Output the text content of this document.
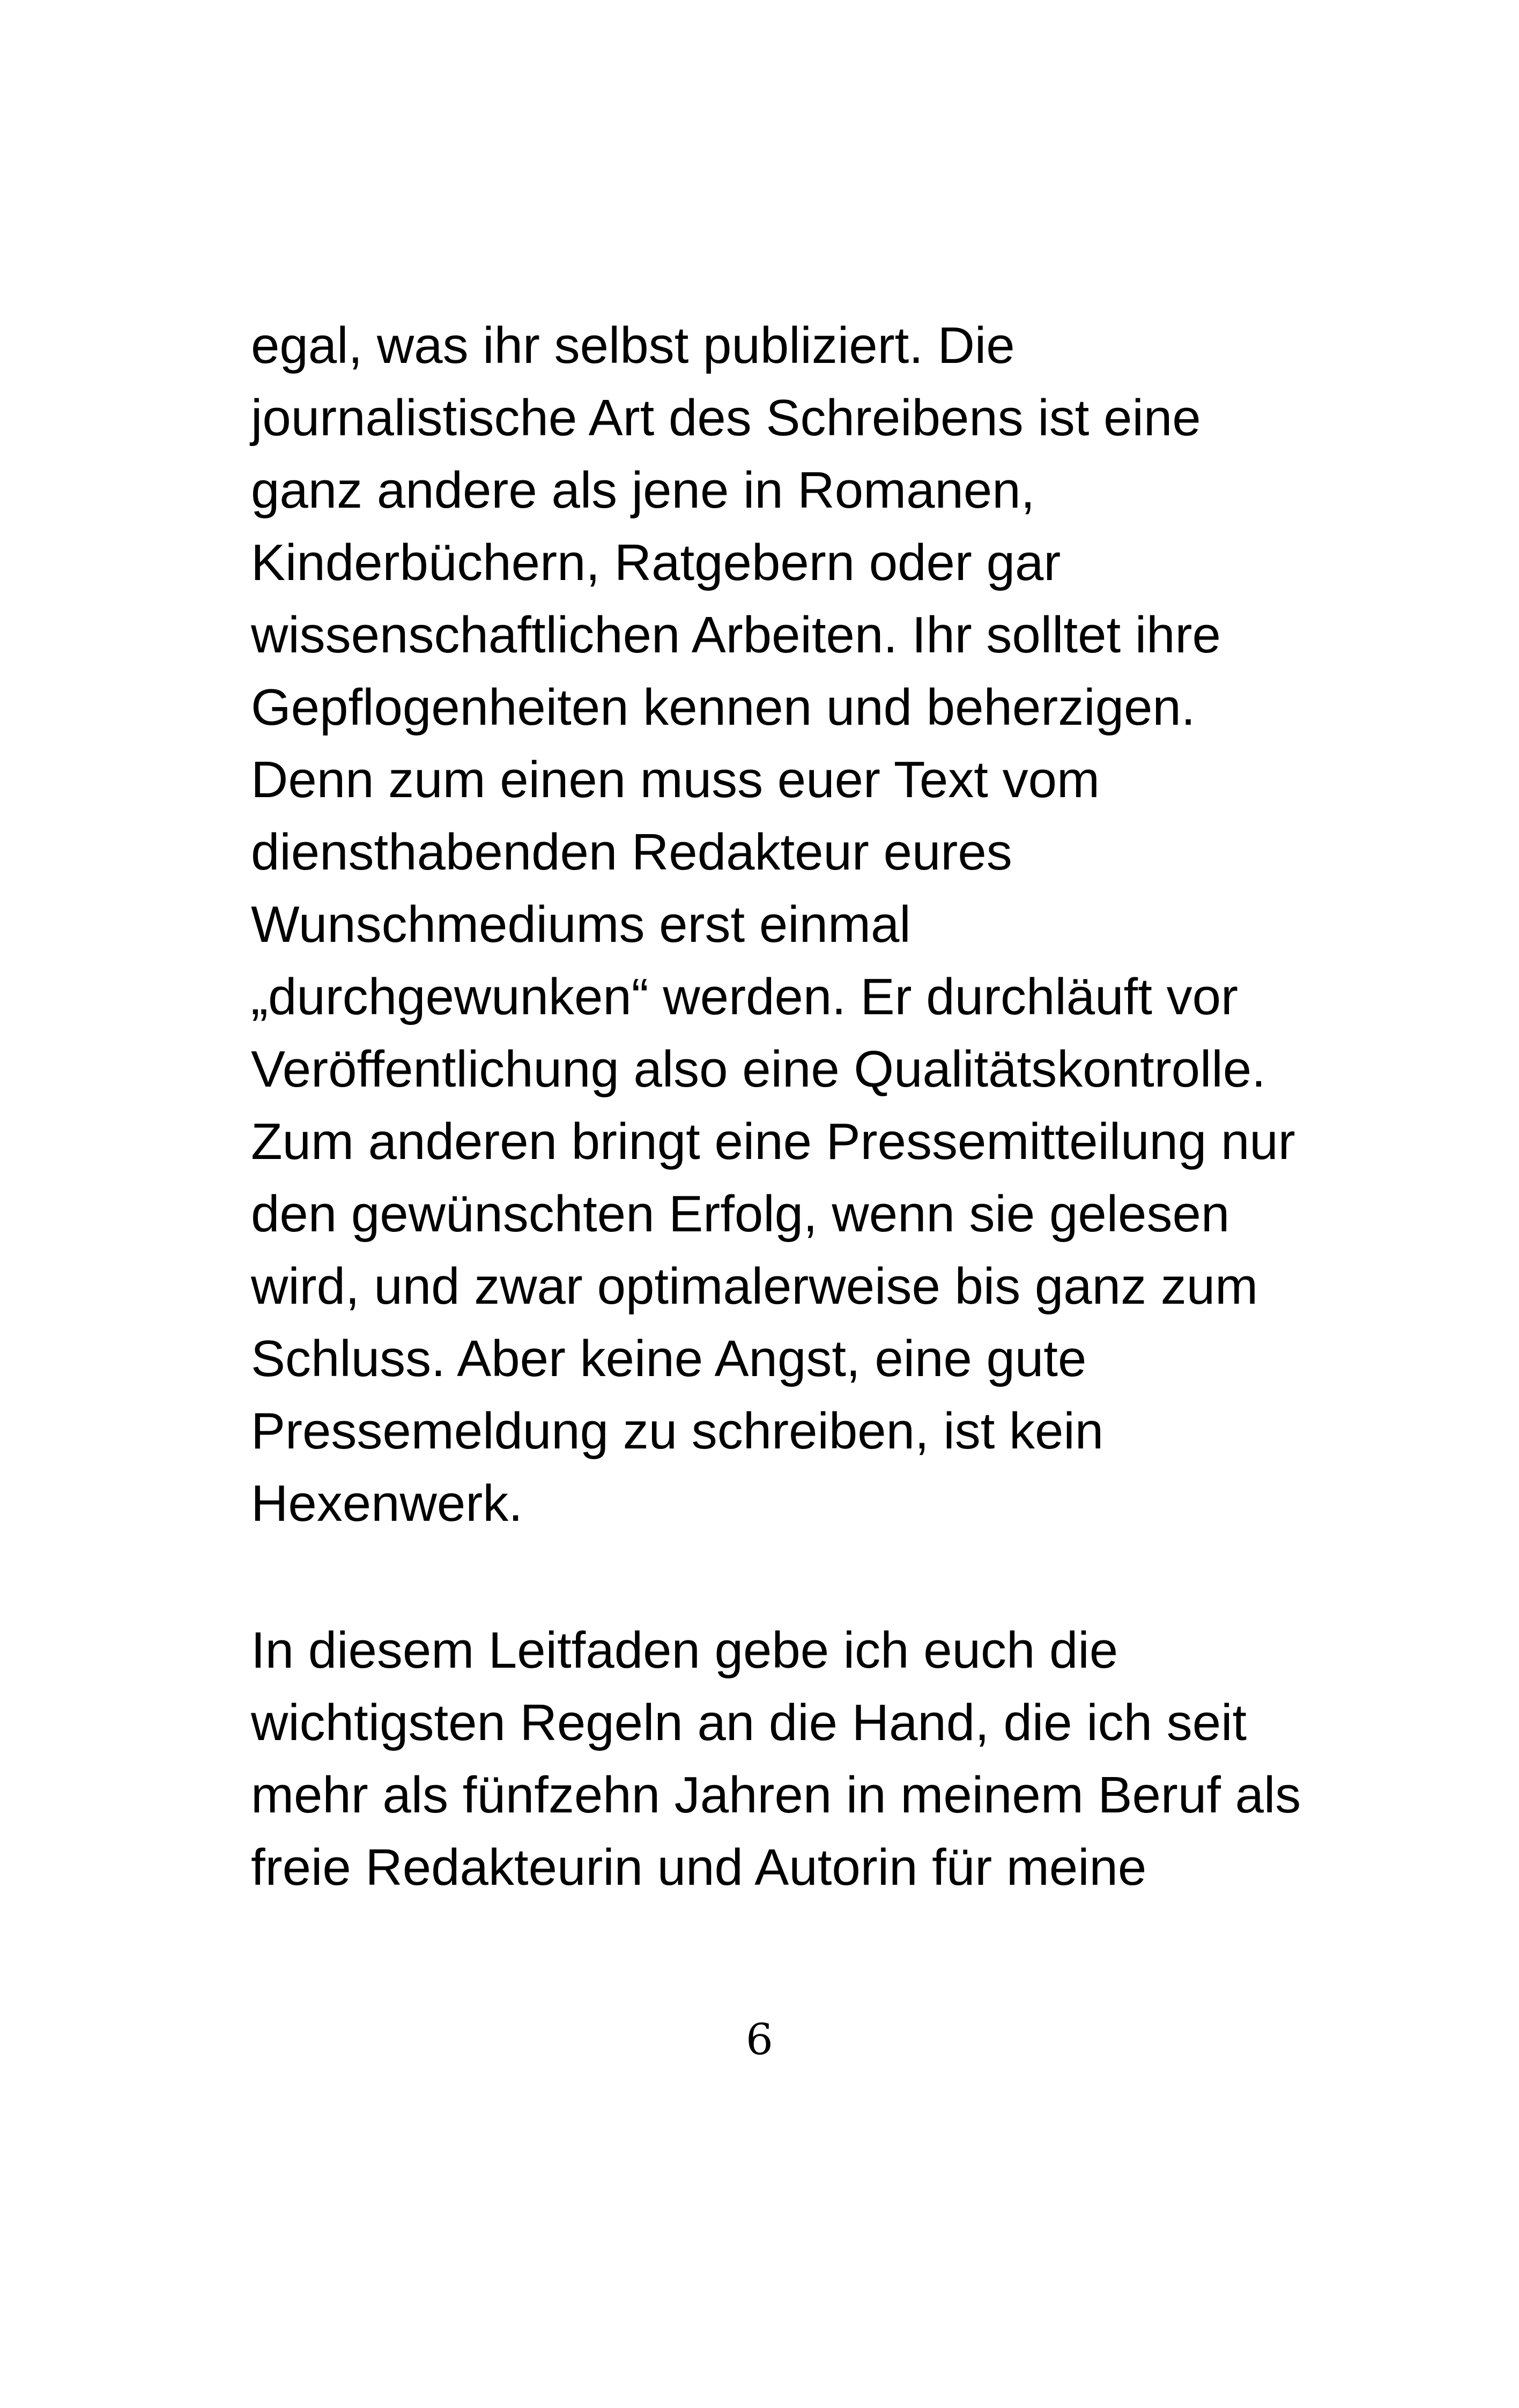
egal, was ihr selbst publiziert. Die
journalistische Art des Schreibens ist eine
ganz andere als jene in Romanen,
Kinderbüchern, Ratgebern oder gar
wissenschaftlichen Arbeiten. Ihr solltet ihre
Gepflogenheiten kennen und beherzigen.
Denn zum einen muss euer Text vom
diensthabenden Redakteur eures
Wunschmediums erst einmal
„durchgewunken“ werden. Er durchläuft vor
Veröffentlichung also eine Qualitätskontrolle.
Zum anderen bringt eine Pressemitteilung nur
den gewünschten Erfolg, wenn sie gelesen
wird, und zwar optimalerweise bis ganz zum
Schluss. Aber keine Angst, eine gute
Pressemeldung zu schreiben, ist kein
Hexenwerk.

In diesem Leitfaden gebe ich euch die
wichtigsten Regeln an die Hand, die ich seit
mehr als fünfzehn Jahren in meinem Beruf als
freie Redakteurin und Autorin für meine

6
